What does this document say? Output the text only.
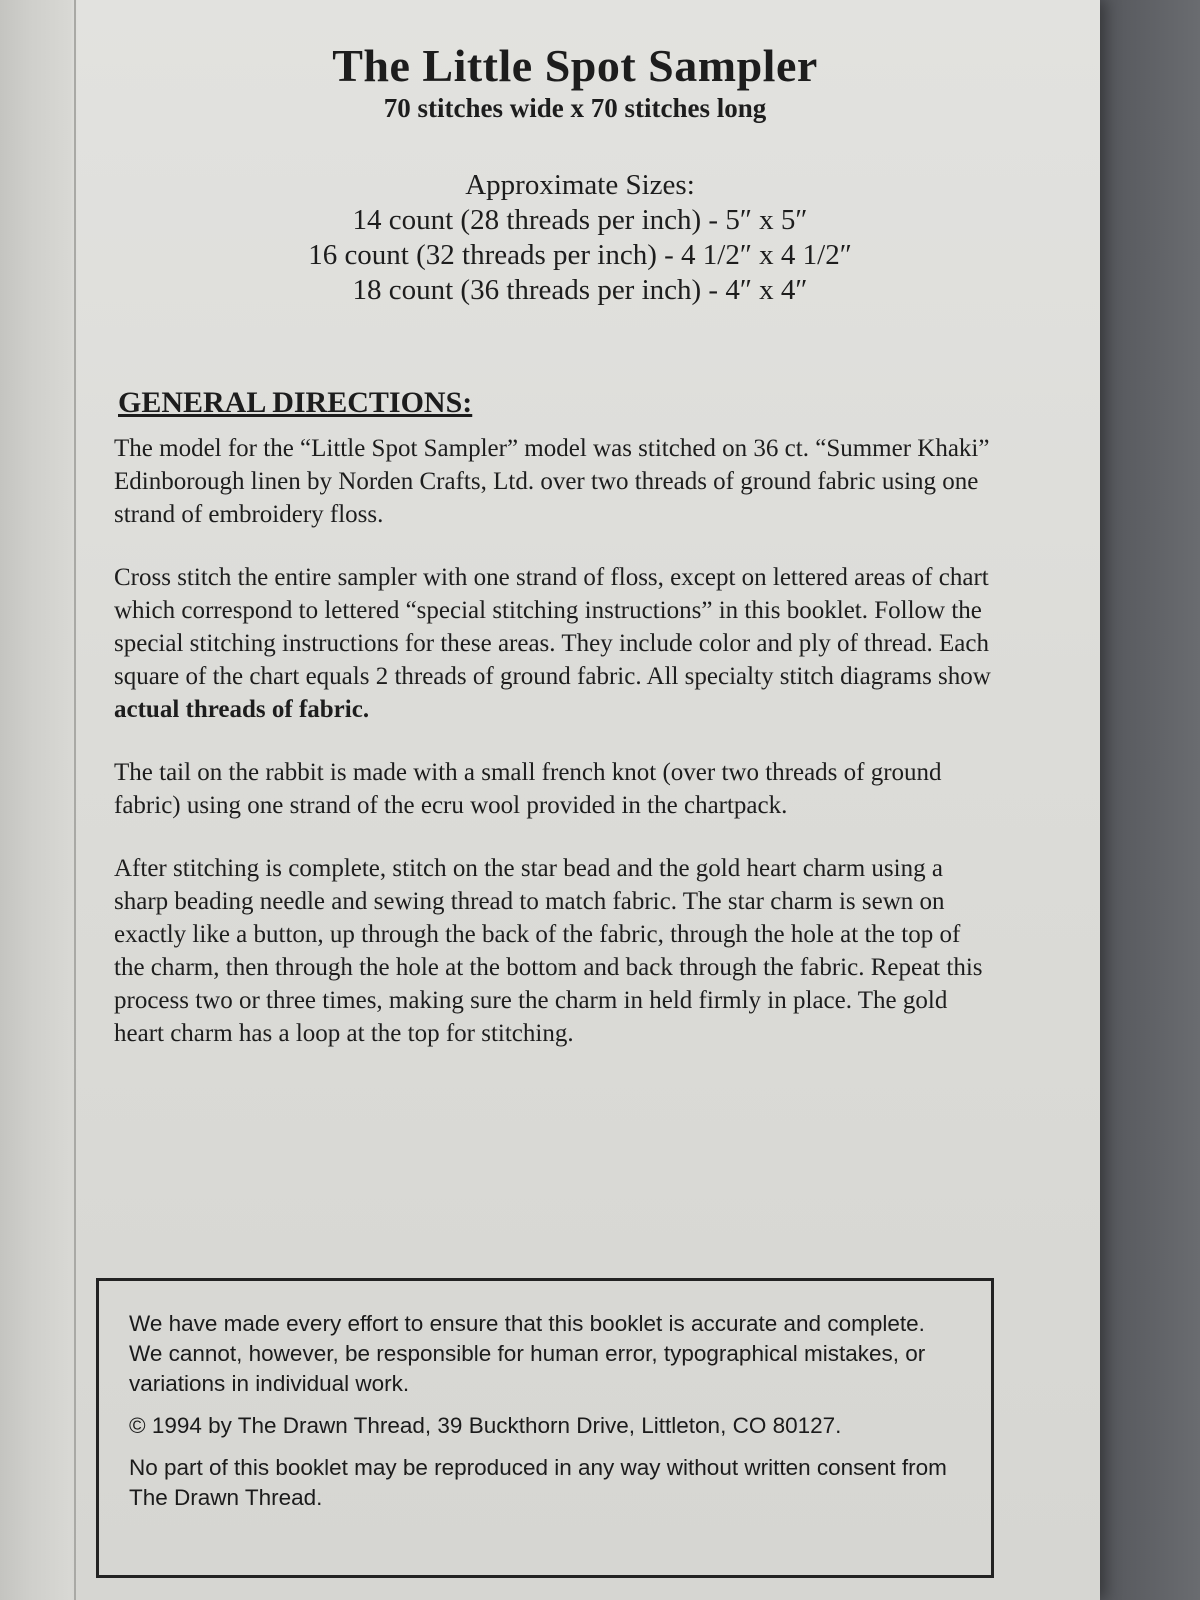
The Little Spot Sampler
70 stitches wide x 70 stitches long
Approximate Sizes:
14 count (28 threads per inch) - 5″ x 5″
16 count (32 threads per inch) - 4 1/2″ x 4 1/2″
18 count (36 threads per inch) - 4″ x 4″
GENERAL DIRECTIONS:

The model for the “Little Spot Sampler” model was stitched on 36 ct. “Summer Khaki” Edinborough linen by Norden Crafts, Ltd. over two threads of ground fabric using one strand of embroidery floss.

Cross stitch the entire sampler with one strand of floss, except on lettered areas of chart which correspond to lettered “special stitching instructions” in this booklet. Follow the special stitching instructions for these areas. They include color and ply of thread. Each square of the chart equals 2 threads of ground fabric. All specialty stitch diagrams show actual threads of fabric.

The tail on the rabbit is made with a small french knot (over two threads of ground fabric) using one strand of the ecru wool provided in the chartpack.

After stitching is complete, stitch on the star bead and the gold heart charm using a sharp beading needle and sewing thread to match fabric. The star charm is sewn on exactly like a button, up through the back of the fabric, through the hole at the top of the charm, then through the hole at the bottom and back through the fabric. Repeat this process two or three times, making sure the charm in held firmly in place. The gold heart charm has a loop at the top for stitching.

We have made every effort to ensure that this booklet is accurate and complete. We cannot, however, be responsible for human error, typographical mistakes, or variations in individual work.

© 1994 by The Drawn Thread, 39 Buckthorn Drive, Littleton, CO 80127.

No part of this booklet may be reproduced in any way without written consent from The Drawn Thread.
